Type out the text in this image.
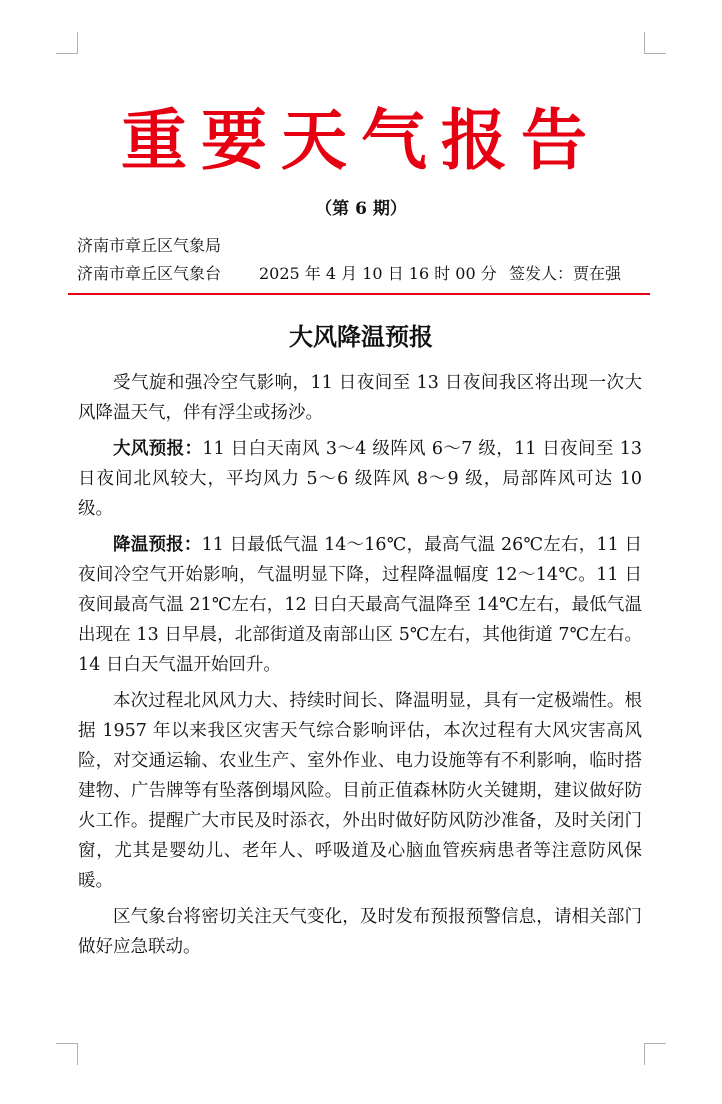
重要天气报告
（第 6 期）
济南市章丘区气象局
济南市章丘区气象台 2025 年 4 月 10 日 16 时 00 分 签发人：贾在强
大风降温预报

受气旋和强冷空气影响，11 日夜间至 13 日夜间我区将出现一次大风降温天气，伴有浮尘或扬沙。

大风预报：11 日白天南风 3～4 级阵风 6～7 级，11 日夜间至 13 日夜间北风较大，平均风力 5～6 级阵风 8～9 级，局部阵风可达 10 级。

降温预报：11 日最低气温 14～16℃，最高气温 26℃左右，11 日夜间冷空气开始影响，气温明显下降，过程降温幅度 12～14℃。11 日夜间最高气温 21℃左右，12 日白天最高气温降至 14℃左右，最低气温出现在 13 日早晨，北部街道及南部山区 5℃左右，其他街道 7℃左右。14 日白天气温开始回升。

本次过程北风风力大、持续时间长、降温明显，具有一定极端性。根据 1957 年以来我区灾害天气综合影响评估，本次过程有大风灾害高风险，对交通运输、农业生产、室外作业、电力设施等有不利影响，临时搭建物、广告牌等有坠落倒塌风险。目前正值森林防火关键期，建议做好防火工作。提醒广大市民及时添衣，外出时做好防风防沙准备，及时关闭门窗，尤其是婴幼儿、老年人、呼吸道及心脑血管疾病患者等注意防风保暖。

区气象台将密切关注天气变化，及时发布预报预警信息，请相关部门做好应急联动。
